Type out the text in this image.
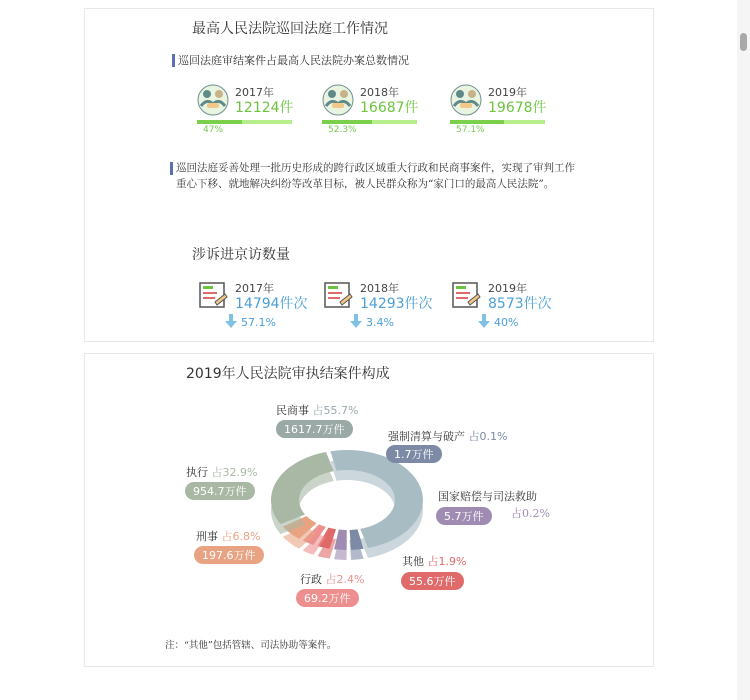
最高人民法院巡回法庭工作情况
巡回法庭审结案件占最高人民法院办案总数情况
2017年
12124件
47%
2018年
16687件
52.3%
2019年
19678件
57.1%
巡回法庭妥善处理一批历史形成的跨行政区域重大行政和民商事案件，实现了审判工作重心下移、就地解决纠纷等改革目标，被人民群众称为“家门口的最高人民法院”。
涉诉进京访数量
2017年
14794件次
57.1%
2018年
14293件次
3.4%
2019年
8573件次
40%
2019年人民法院审执结案件构成
民商事 占55.7%
1617.7万件
强制清算与破产 占0.1%
1.7万件
国家赔偿与司法救助
5.7万件	占0.2%
其他 占1.9%
55.6万件
行政 占2.4%
69.2万件
刑事 占6.8%
197.6万件
执行 占32.9%
954.7万件
注：“其他”包括管辖、司法协助等案件。
